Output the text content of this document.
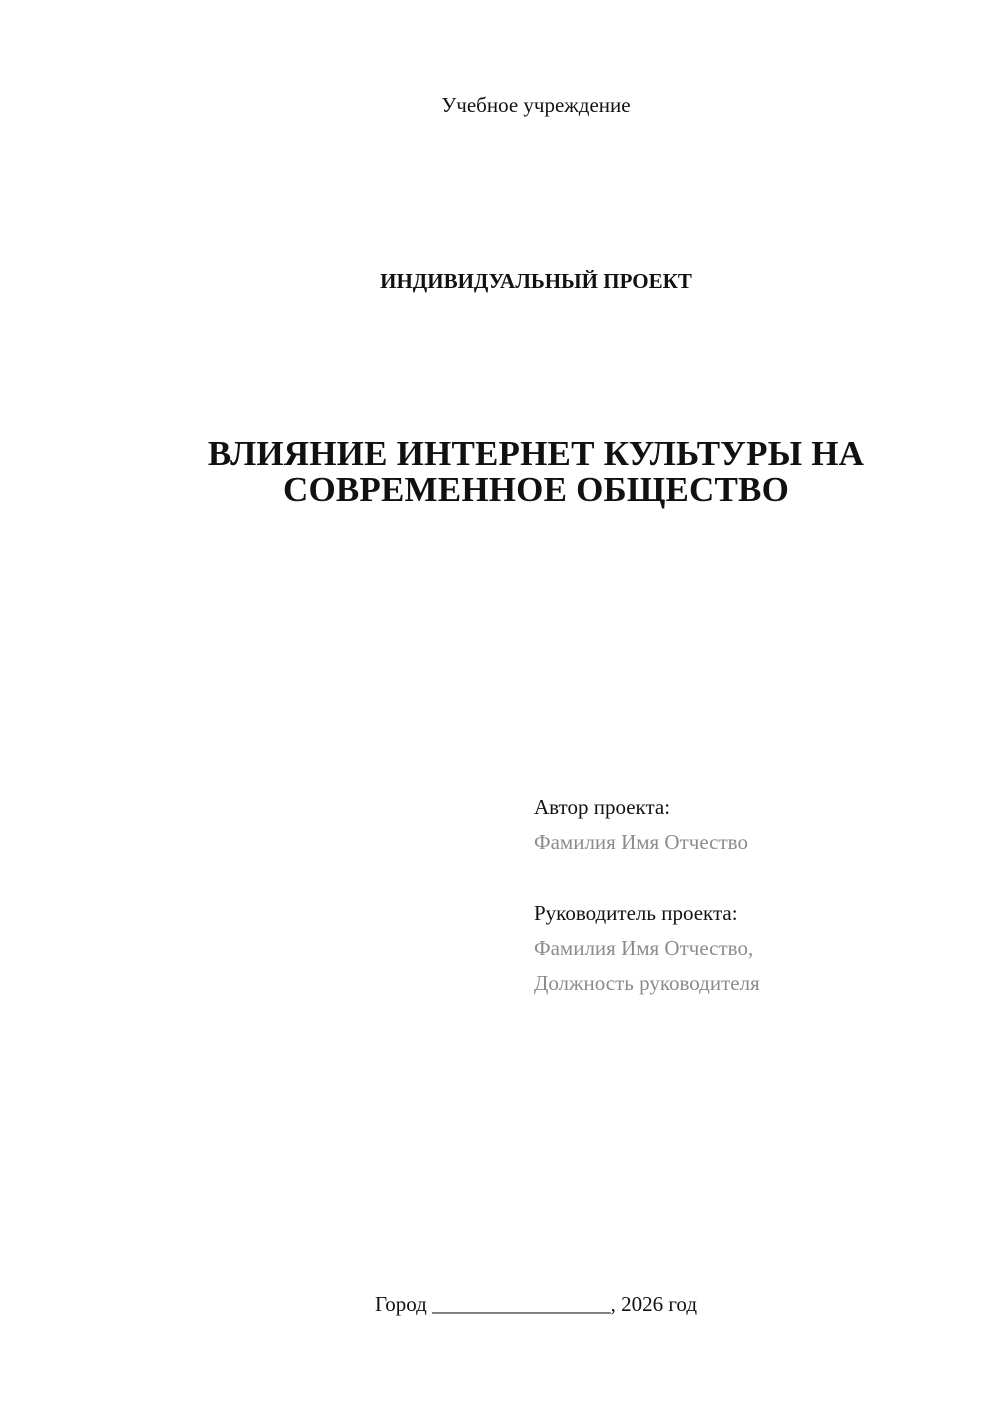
Учебное учреждение
ИНДИВИДУАЛЬНЫЙ ПРОЕКТ
ВЛИЯНИЕ ИНТЕРНЕТ КУЛЬТУРЫ НА
СОВРЕМЕННОЕ ОБЩЕСТВО
Автор проекта:
Фамилия Имя Отчество
Руководитель проекта:
Фамилия Имя Отчество,
Должность руководителя
Город _________________, 2026 год
